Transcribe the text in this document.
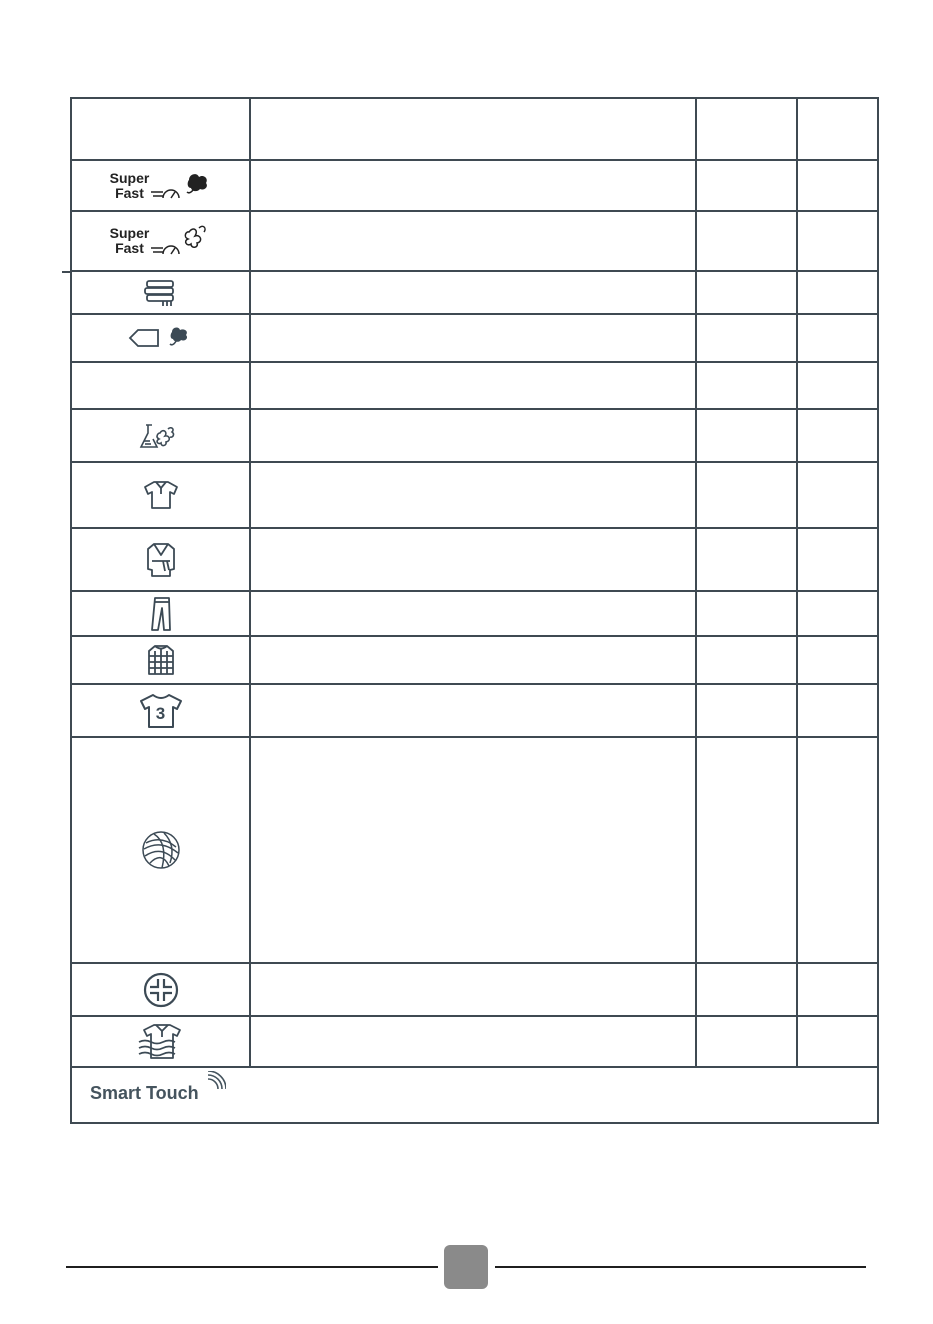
Super
Fast
Super
Fast
3
Smart Touch
